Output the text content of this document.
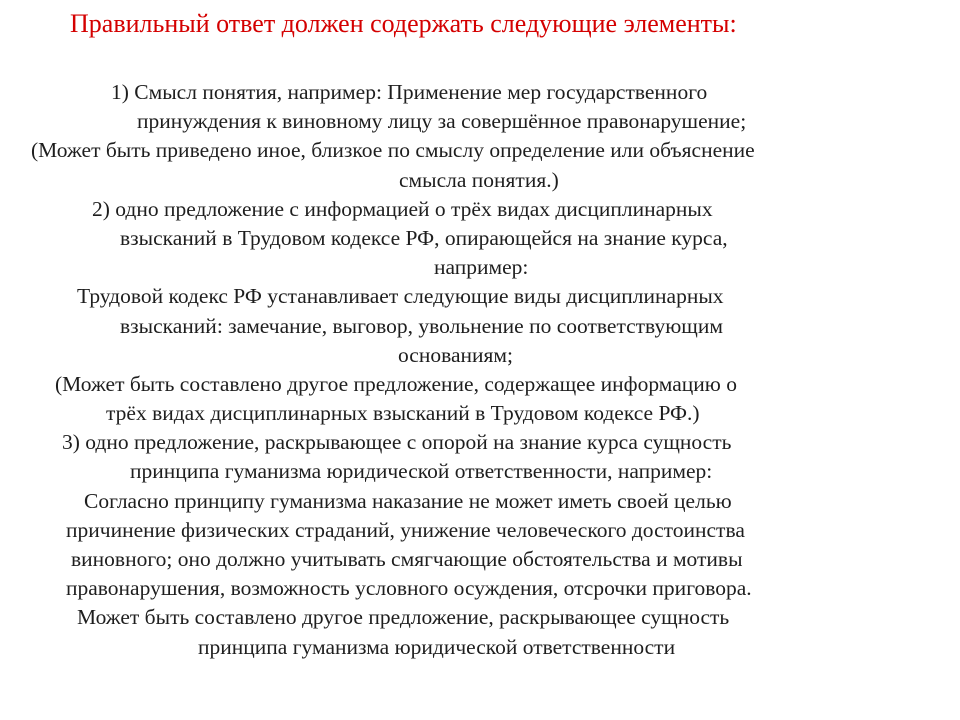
Правильный ответ должен содержать следующие элементы:
1) Смысл понятия, например: Применение мер государственного
принуждения к виновному лицу за совершённое правонарушение;
(Может быть приведено иное, близкое по смыслу определение или объяснение
смысла понятия.)
2) одно предложение с информацией о трёх видах дисциплинарных
взысканий в Трудовом кодексе РФ, опирающейся на знание курса,
например:
Трудовой кодекс РФ устанавливает следующие виды дисциплинарных
взысканий: замечание, выговор, увольнение по соответствующим
основаниям;
(Может быть составлено другое предложение, содержащее информацию о
трёх видах дисциплинарных взысканий в Трудовом кодексе РФ.)
3) одно предложение, раскрывающее с опорой на знание курса сущность
принципа гуманизма юридической ответственности, например:
Согласно принципу гуманизма наказание не может иметь своей целью
причинение физических страданий, унижение человеческого достоинства
виновного; оно должно учитывать смягчающие обстоятельства и мотивы
правонарушения, возможность условного осуждения, отсрочки приговора.
Может быть составлено другое предложение, раскрывающее сущность
принципа гуманизма юридической ответственности
